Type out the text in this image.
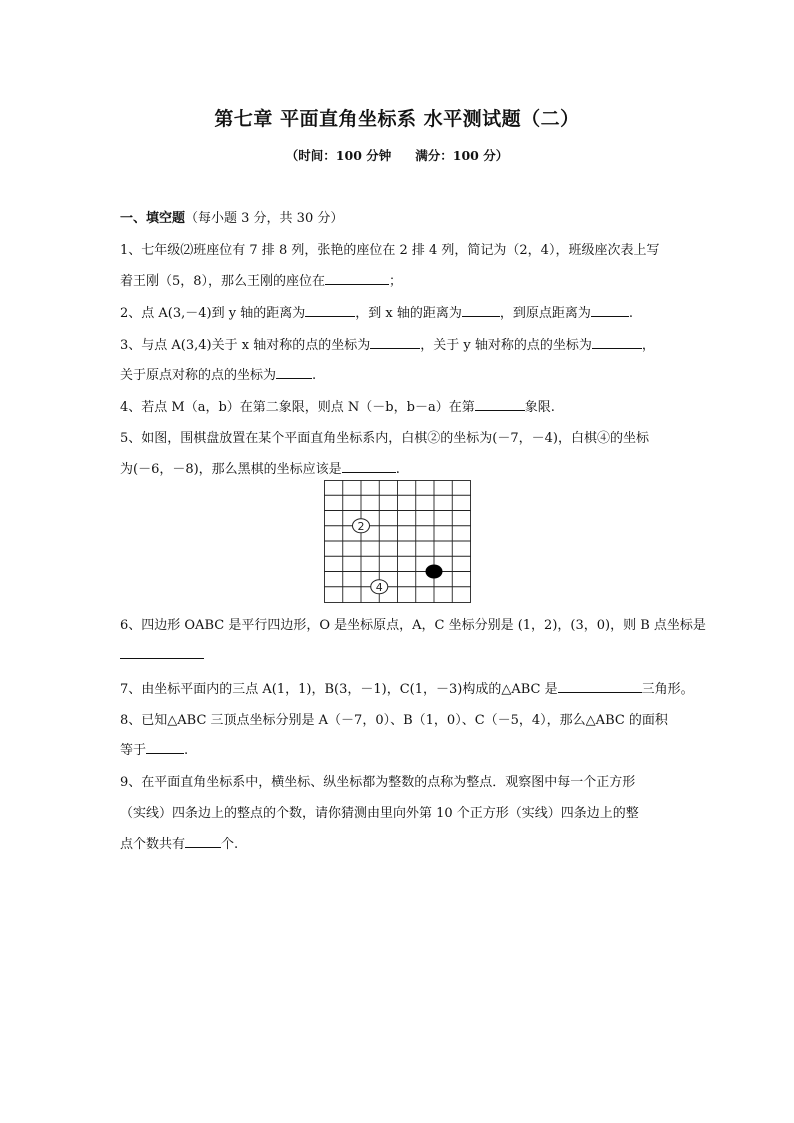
第七章 平面直角坐标系 水平测试题（二）
（时间：100 分钟 满分：100 分）
一、填空题（每小题 3 分，共 30 分）
1、七年级⑵班座位有 7 排 8 列，张艳的座位在 2 排 4 列，简记为（2，4），班级座次表上写
着王刚（5，8），那么王刚的座位在	；
2、点 A(3,－4)到 y 轴的距离为	，到 x 轴的距离为	，到原点距离为	.
3、与点 A(3,4)关于 x 轴对称的点的坐标为	，关于 y 轴对称的点的坐标为	，
关于原点对称的点的坐标为	.
4、若点 M（a，b）在第二象限，则点 N（－b，b－a）在第	象限.
5、如图，围棋盘放置在某个平面直角坐标系内，白棋②的坐标为(－7，－4)，白棋④的坐标
为(－6，－8)，那么黑棋的坐标应该是	.
2
4
6、四边形 OABC 是平行四边形，O 是坐标原点，A，C 坐标分别是 (1，2)，(3，0)，则 B 点坐标是
7、由坐标平面内的三点 A(1，1)，B(3，－1)，C(1，－3)构成的△ABC 是	三角形。
8、已知△ABC 三顶点坐标分别是 A（－7，0）、B（1，0）、C（－5，4），那么△ABC 的面积
等于	.
9、在平面直角坐标系中，横坐标、纵坐标都为整数的点称为整点．观察图中每一个正方形
（实线）四条边上的整点的个数，请你猜测由里向外第 10 个正方形（实线）四条边上的整
点个数共有	个.
